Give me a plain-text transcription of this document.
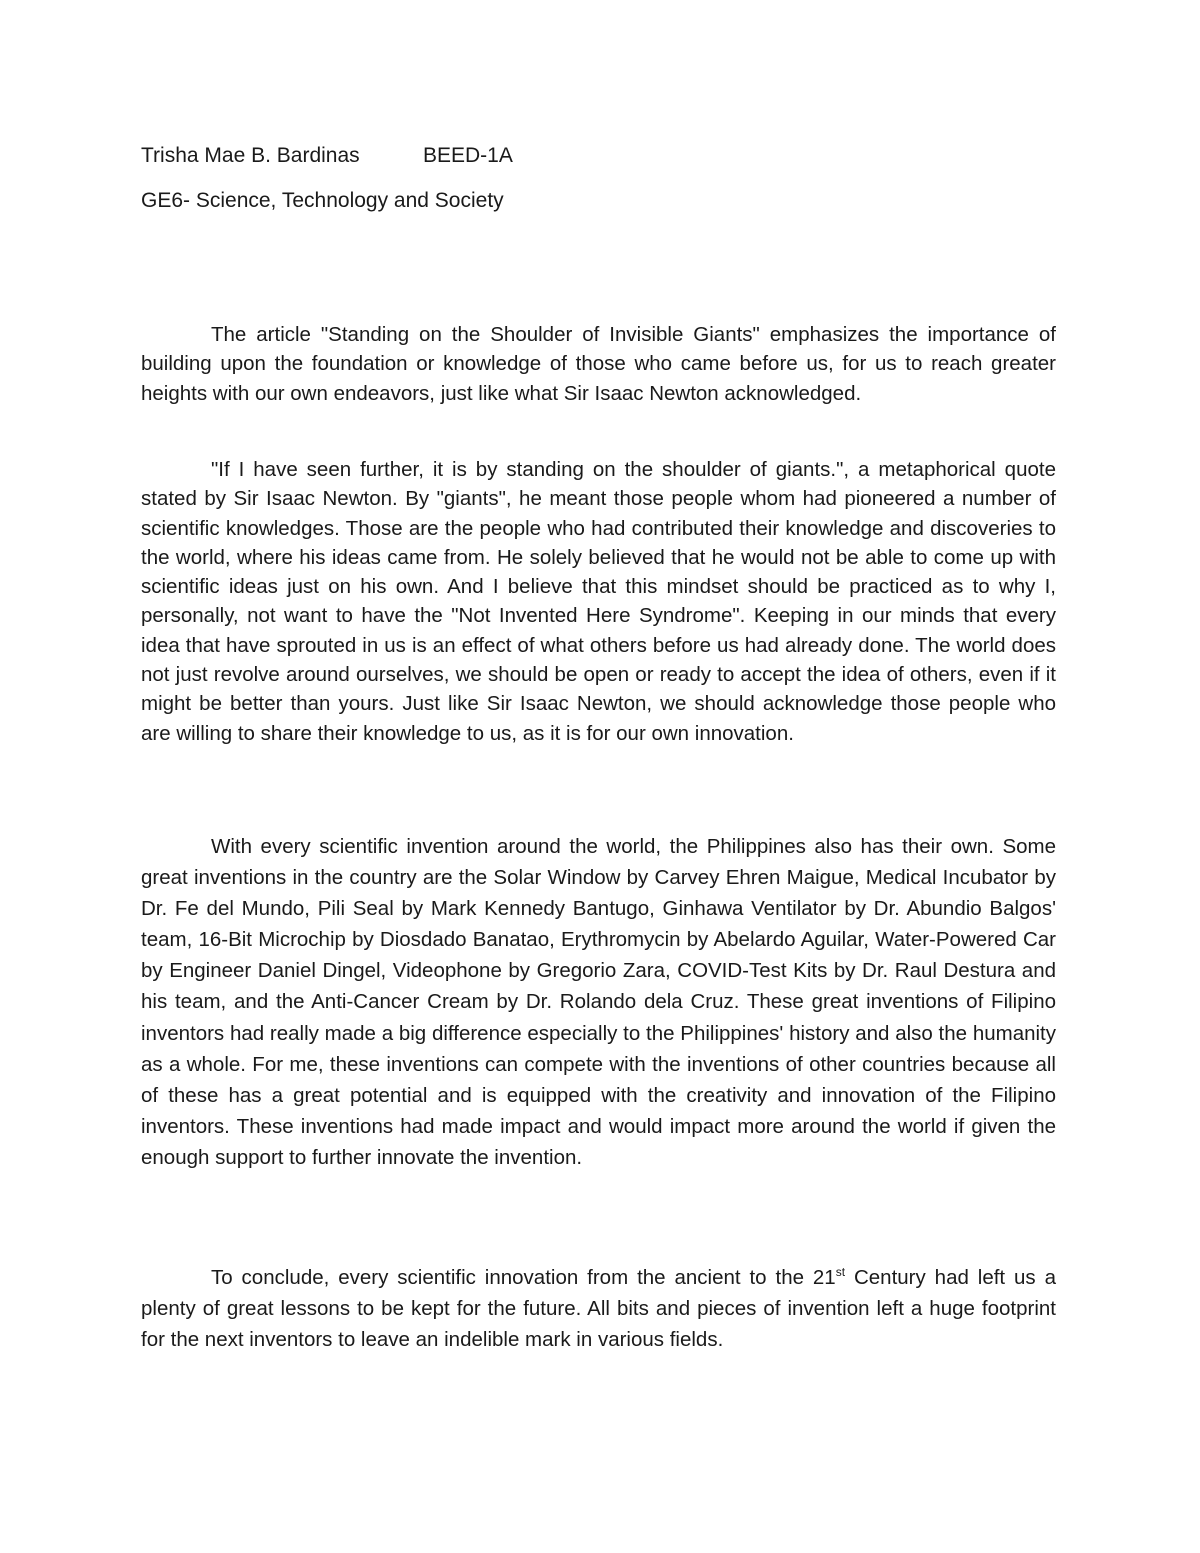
Trisha Mae B. Bardinas	BEED-1A
GE6- Science, Technology and Society

The article "Standing on the Shoulder of Invisible Giants" emphasizes the importance of building upon the foundation or knowledge of those who came before us, for us to reach greater heights with our own endeavors, just like what Sir Isaac Newton acknowledged.

"If I have seen further, it is by standing on the shoulder of giants.", a metaphorical quote stated by Sir Isaac Newton. By "giants", he meant those people whom had pioneered a number of scientific knowledges. Those are the people who had contributed their knowledge and discoveries to the world, where his ideas came from. He solely believed that he would not be able to come up with scientific ideas just on his own. And I believe that this mindset should be practiced as to why I, personally, not want to have the "Not Invented Here Syndrome". Keeping in our minds that every idea that have sprouted in us is an effect of what others before us had already done. The world does not just revolve around ourselves, we should be open or ready to accept the idea of others, even if it might be better than yours. Just like Sir Isaac Newton, we should acknowledge those people who are willing to share their knowledge to us, as it is for our own innovation.

With every scientific invention around the world, the Philippines also has their own. Some great inventions in the country are the Solar Window by Carvey Ehren Maigue, Medical Incubator by Dr. Fe del Mundo, Pili Seal by Mark Kennedy Bantugo, Ginhawa Ventilator by Dr. Abundio Balgos' team, 16-Bit Microchip by Diosdado Banatao, Erythromycin by Abelardo Aguilar, Water-Powered Car by Engineer Daniel Dingel, Videophone by Gregorio Zara, COVID-Test Kits by Dr. Raul Destura and his team, and the Anti-Cancer Cream by Dr. Rolando dela Cruz. These great inventions of Filipino inventors had really made a big difference especially to the Philippines' history and also the humanity as a whole. For me, these inventions can compete with the inventions of other countries because all of these has a great potential and is equipped with the creativity and innovation of the Filipino inventors. These inventions had made impact and would impact more around the world if given the enough support to further innovate the invention.

To conclude, every scientific innovation from the ancient to the 21st Century had left us a plenty of great lessons to be kept for the future. All bits and pieces of invention left a huge footprint for the next inventors to leave an indelible mark in various fields.
